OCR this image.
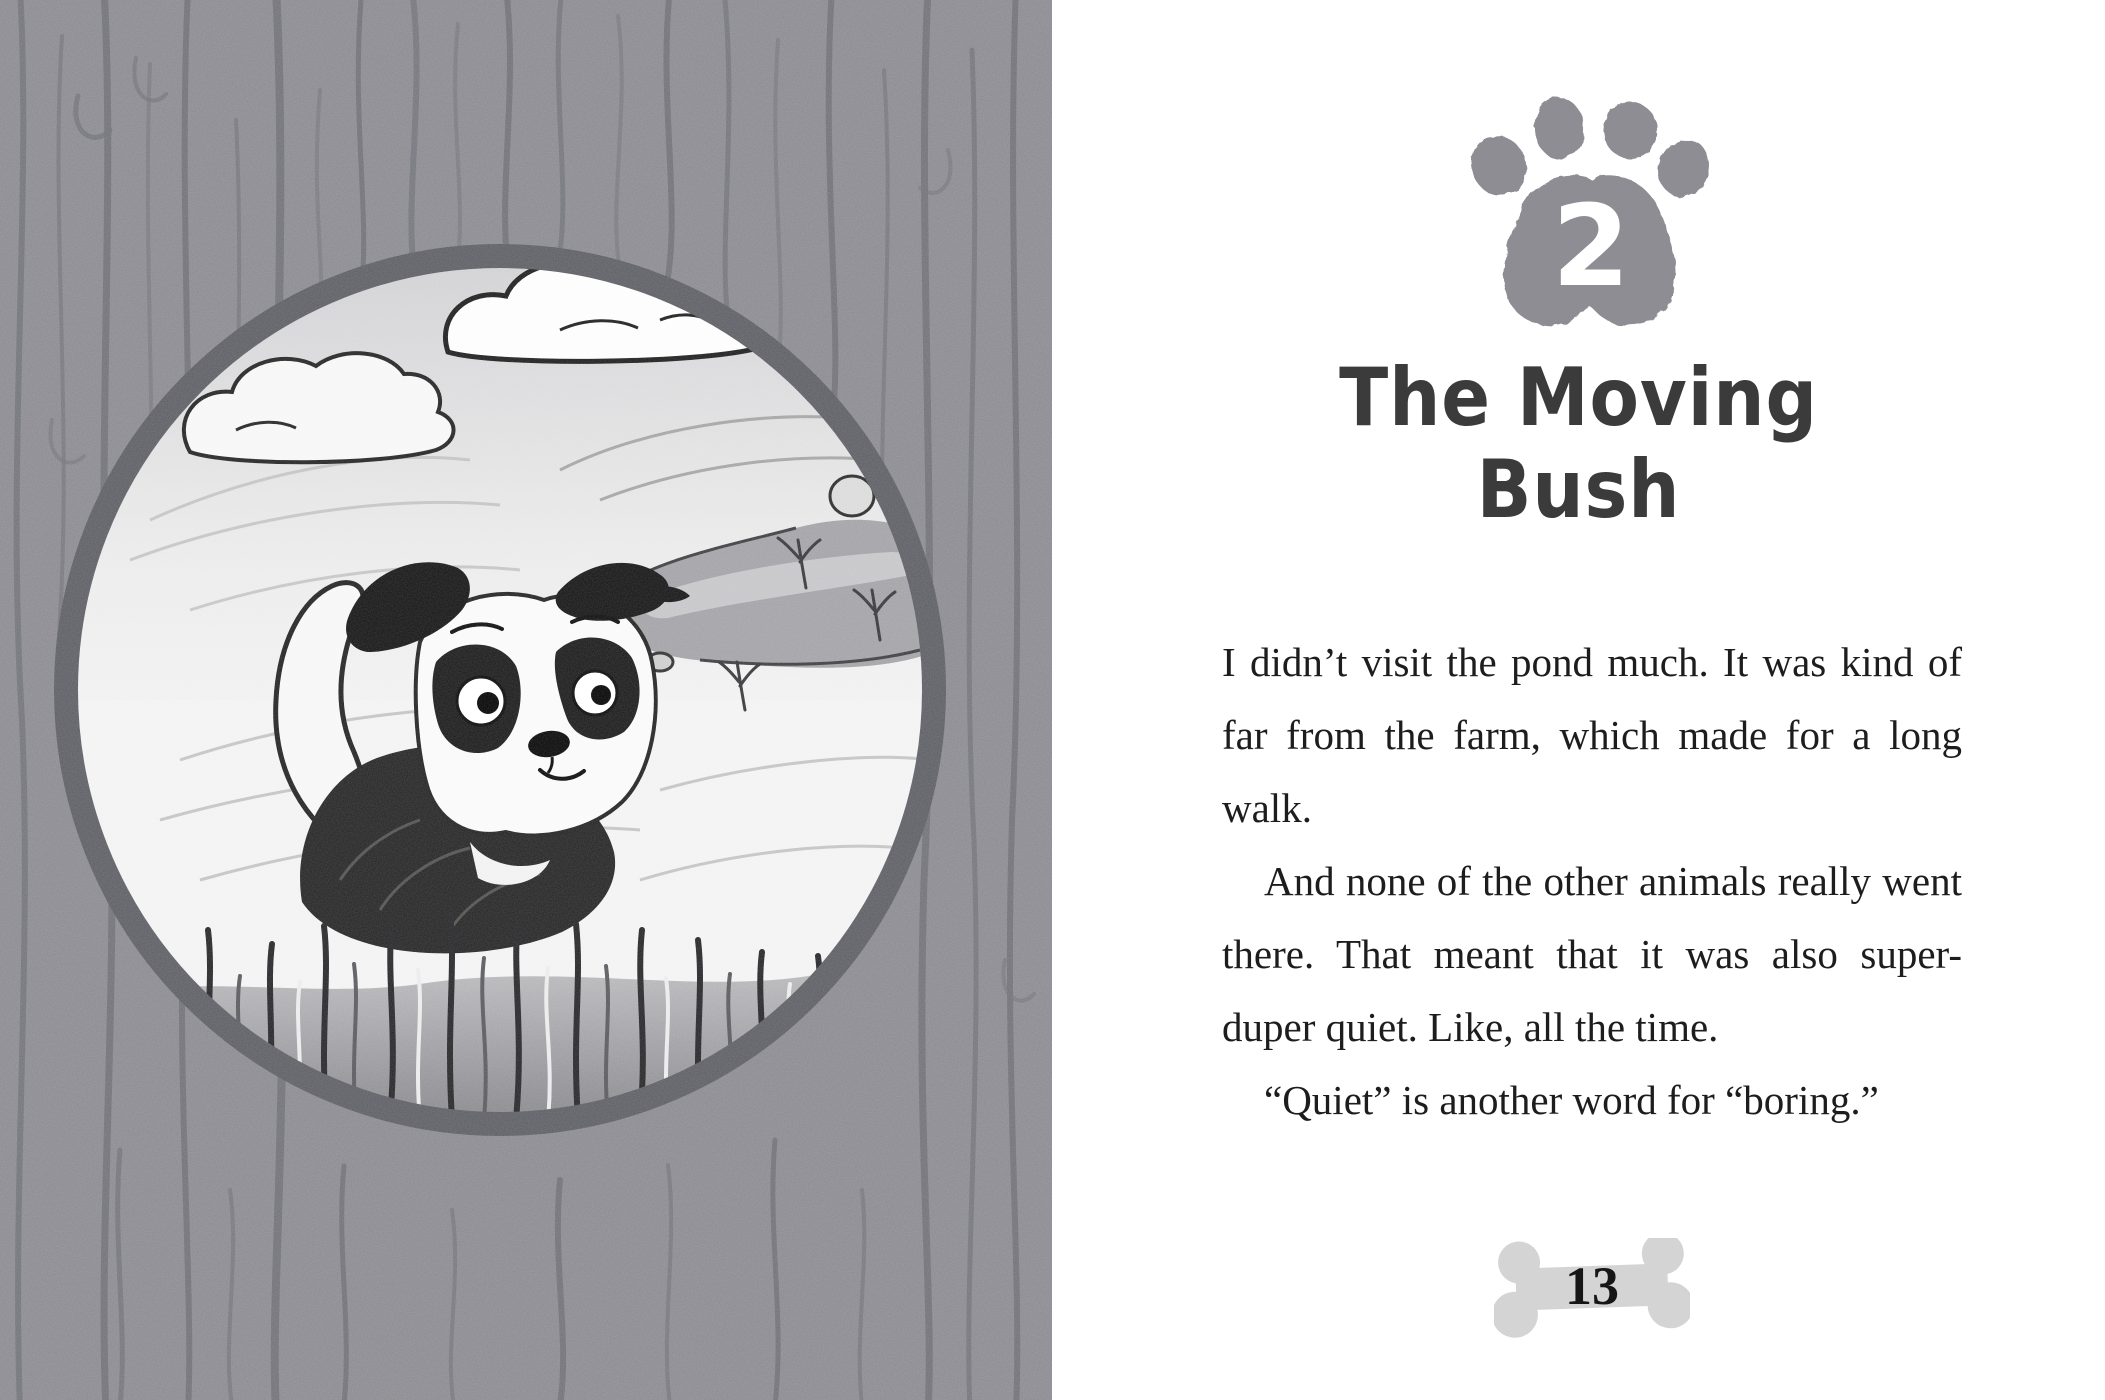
2
The Moving
Bush

I didn’t visit the pond much. It was kind of far from the farm, which made for a long walk.

And none of the other animals really went there. That meant that it was also super-duper quiet. Like, all the time.

“Quiet” is another word for “boring.”

13
